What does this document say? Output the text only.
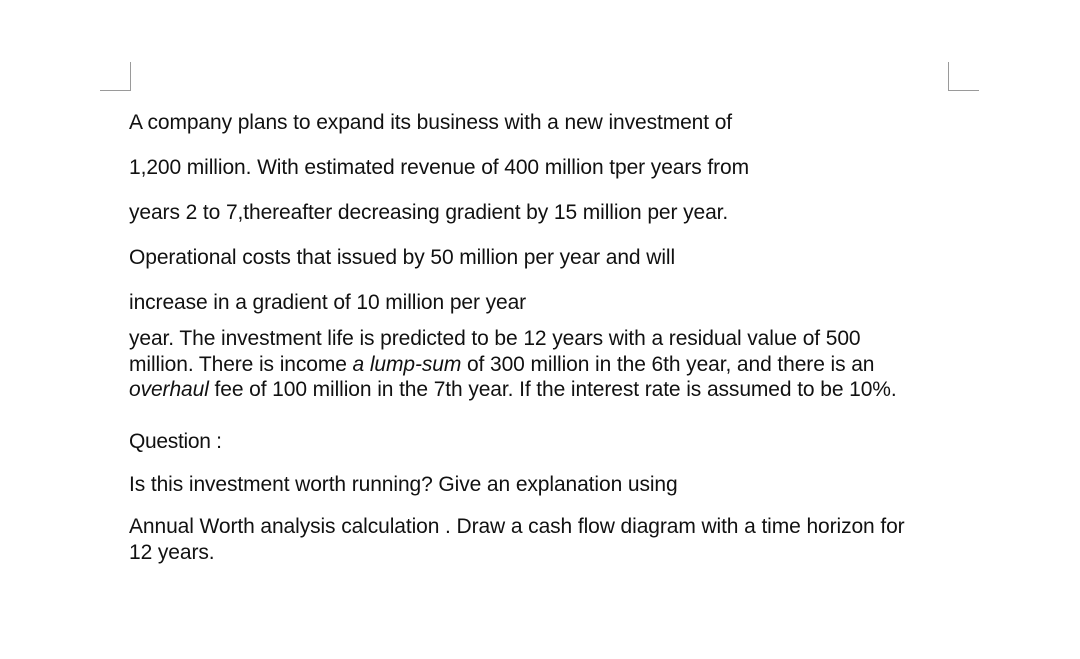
A company plans to expand its business with a new investment of
1,200 million. With estimated revenue of 400 million tper years from
years 2 to 7,thereafter decreasing gradient by 15 million per year.
Operational costs that issued by 50 million per year and will
increase in a gradient of 10 million per year
year. The investment life is predicted to be 12 years with a residual value of 500 million. There is income a lump-sum of 300 million in the 6th year, and there is an overhaul fee of 100 million in the 7th year. If the interest rate is assumed to be 10%.
Question :
Is this investment worth running? Give an explanation using
Annual Worth analysis calculation . Draw a cash flow diagram with a time horizon for 12 years.
